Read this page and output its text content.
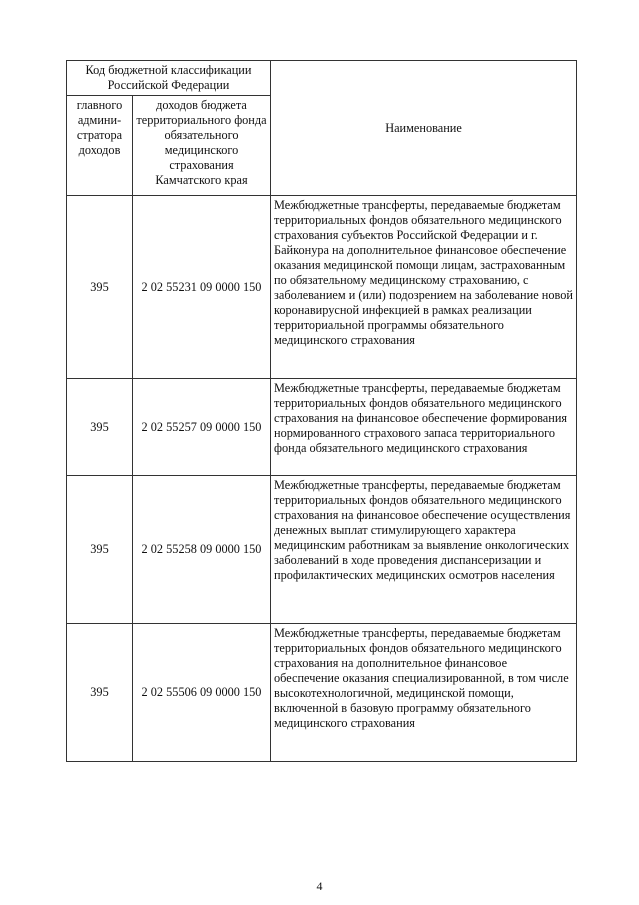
Код бюджетной классификации Российской Федерации		Наименование
главного админи-стратора доходов	доходов бюджета территориального фонда обязательного медицинского страхования Камчатского края	
395	2 02 55231 09 0000 150	Межбюджетные трансферты, передаваемые бюджетам территориальных фондов обязательного медицинского страхования субъектов Российской Федерации и г. Байконура на дополнительное финансовое обеспечение оказания медицинской помощи лицам, застрахованным по обязательному медицинскому страхованию, с заболеванием и (или) подозрением на заболевание новой коронавирусной инфекцией в рамках реализации территориальной программы обязательного медицинского страхования
395	2 02 55257 09 0000 150	Межбюджетные трансферты, передаваемые бюджетам территориальных фондов обязательного медицинского страхования на финансовое обеспечение формирования нормированного страхового запаса территориального фонда обязательного медицинского страхования
395	2 02 55258 09 0000 150	Межбюджетные трансферты, передаваемые бюджетам территориальных фондов обязательного медицинского страхования на финансовое обеспечение осуществления денежных выплат стимулирующего характера медицинским работникам за выявление онкологических заболеваний в ходе проведения диспансеризации и профилактических медицинских осмотров населения
395	2 02 55506 09 0000 150	Межбюджетные трансферты, передаваемые бюджетам территориальных фондов обязательного медицинского страхования на дополнительное финансовое обеспечение оказания специализированной, в том числе высокотехнологичной, медицинской помощи, включенной в базовую программу обязательного медицинского страхования
4
